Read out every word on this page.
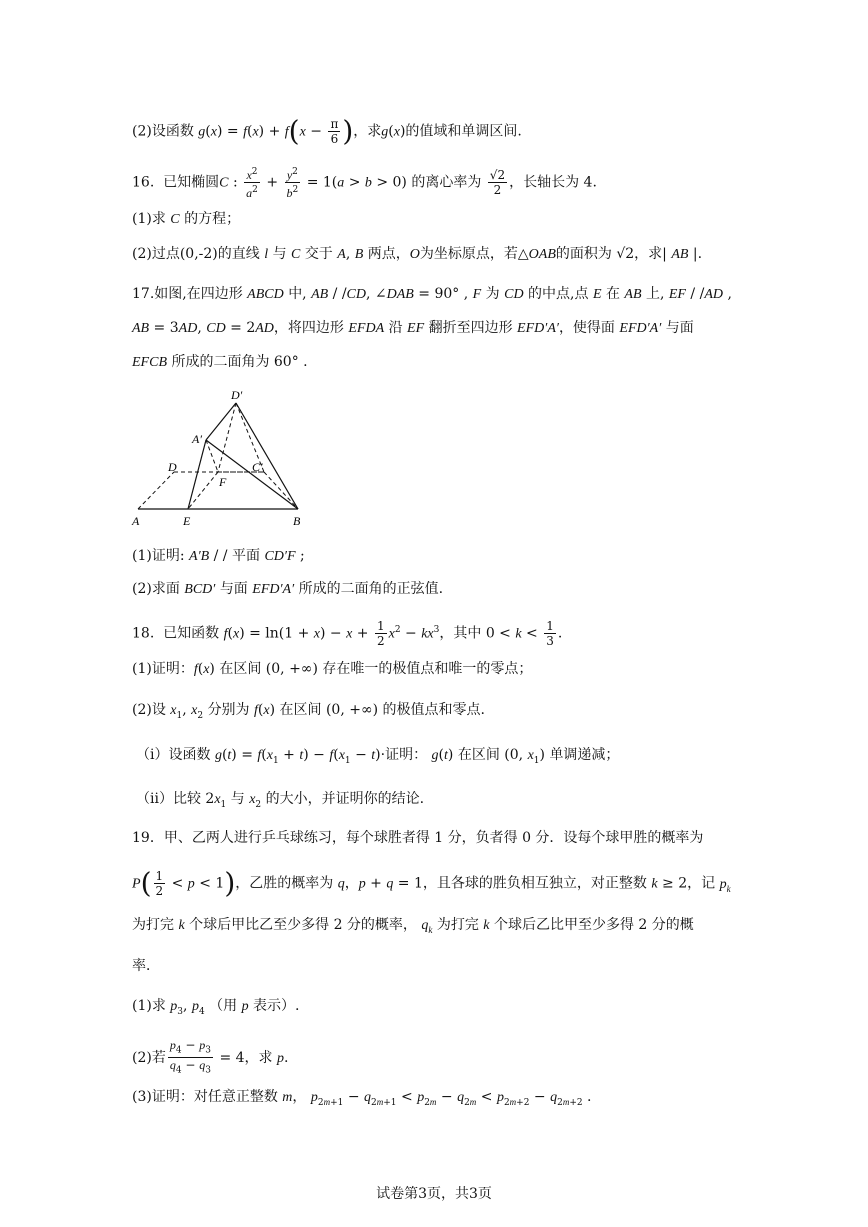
(2)设函数 $g(x) = f(x) + f(x - \frac{\pi}{6}$ )，求g(x)的值域和单调区间.
16. 已知椭圆C : $\frac{x^2}{a^2} + \frac{y^2}{b^2} = 1(a > b > 0)$ 的离心率为 $\frac{√2}{2}$ ，长轴长为 4.
(1)求 C 的方程；
(2)过点(0,-2)的直线 l 与 C 交于 A, B 两点，O为坐标原点，若△OAB的面积为 √2，求| AB |.
17.如图,在四边形 ABCD 中, AB / /CD, ∠DAB = 90° , F 为 CD 的中点,点 E 在 AB 上, EF / /AD ,
AB = 3AD, CD = 2AD，将四边形 EFDA 沿 EF 翻折至四边形 EFD′A′，使得面 EFD′A′ 与面
EFCB 所成的二面角为 60° .
D′
A′
D	C′
F
A	E	B
(1)证明: A′B / / 平面 CD′F ;
(2)求面 BCD′ 与面 EFD′A′ 所成的二面角的正弦值.
18. 已知函数 $f(x) = \ln(1 + x) - x + \frac{1}{2} x^2 - kx^3$，其中 $0 < k < \frac{1}{3}$ .
(1)证明：f(x) 在区间 (0, +∞) 存在唯一的极值点和唯一的零点；
(2)设 $x_1$, $x_2$ 分别为 f(x) 在区间 (0, +∞) 的极值点和零点.
（i）设函数 $g(t) = f(x_1 + t) - f(x_1 - t)\cdot$证明： g(t) 在区间 (0, $x_1$) 单调递减；
（ii）比较 $2x_1$ 与 $x_2$ 的大小，并证明你的结论.
19．甲、乙两人进行乒乓球练习，每个球胜者得 1 分，负者得 0 分．设每个球甲胜的概率为
$P( \frac{1}{2} < p < 1)$，乙胜的概率为 q，p + q = 1，且各球的胜负相互独立，对正整数 k ≥ 2，记 $p_k$
为打完 k 个球后甲比乙至少多得 2 分的概率， $q_k$ 为打完 k 个球后乙比甲至少多得 2 分的概
率．
(1)求 $p_3$, $p_4$ （用 p 表示）.
(2)若 $\frac{p_4 - p_3}{q_4 - q_3} = 4$，求 p.
(3)证明：对任意正整数 m， $p_{2m+1} - q_{2m+1} < p_{2m} - q_{2m} < p_{2m+2} - q_{2m+2}$ .
试卷第3页，共3页
